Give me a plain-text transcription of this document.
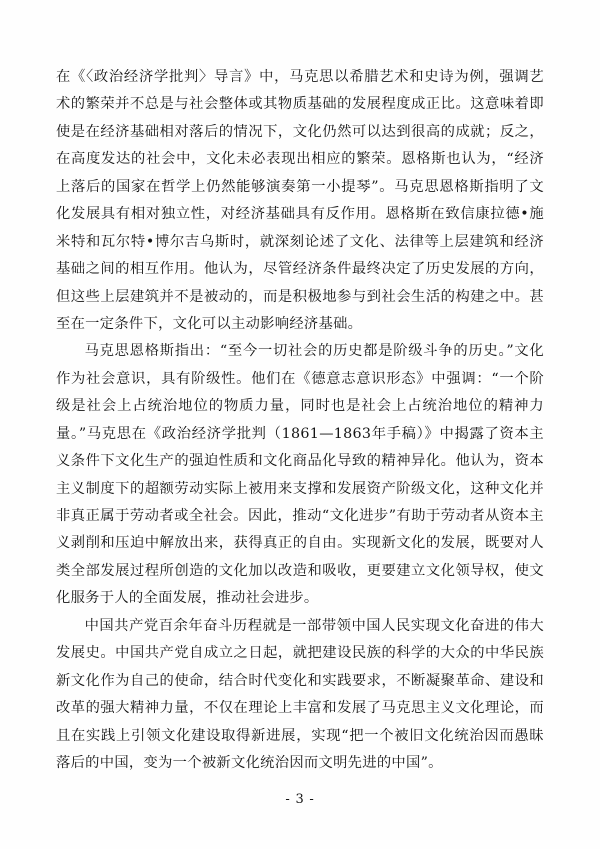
在《〈政治经济学批判〉导言》中，马克思以希腊艺术和史诗为例，强调艺术的繁荣并不总是与社会整体或其物质基础的发展程度成正比。这意味着即使是在经济基础相对落后的情况下，文化仍然可以达到很高的成就；反之，在高度发达的社会中，文化未必表现出相应的繁荣。恩格斯也认为，“经济上落后的国家在哲学上仍然能够演奏第一小提琴”。马克思恩格斯指明了文化发展具有相对独立性，对经济基础具有反作用。恩格斯在致信康拉德•施米特和瓦尔特•博尔吉乌斯时，就深刻论述了文化、法律等上层建筑和经济基础之间的相互作用。他认为，尽管经济条件最终决定了历史发展的方向，但这些上层建筑并不是被动的，而是积极地参与到社会生活的构建之中。甚至在一定条件下，文化可以主动影响经济基础。

马克思恩格斯指出：“至今一切社会的历史都是阶级斗争的历史。”文化作为社会意识，具有阶级性。他们在《德意志意识形态》中强调：“一个阶级是社会上占统治地位的物质力量，同时也是社会上占统治地位的精神力量。”马克思在《政治经济学批判（1861—1863年手稿）》中揭露了资本主义条件下文化生产的强迫性质和文化商品化导致的精神异化。他认为，资本主义制度下的超额劳动实际上被用来支撑和发展资产阶级文化，这种文化并非真正属于劳动者或全社会。因此，推动“文化进步”有助于劳动者从资本主义剥削和压迫中解放出来，获得真正的自由。实现新文化的发展，既要对人类全部发展过程所创造的文化加以改造和吸收，更要建立文化领导权，使文化服务于人的全面发展，推动社会进步。

中国共产党百余年奋斗历程就是一部带领中国人民实现文化奋进的伟大发展史。中国共产党自成立之日起，就把建设民族的科学的大众的中华民族新文化作为自己的使命，结合时代变化和实践要求，不断凝聚革命、建设和改革的强大精神力量，不仅在理论上丰富和发展了马克思主义文化理论，而且在实践上引领文化建设取得新进展，实现“把一个被旧文化统治因而愚昧落后的中国，变为一个被新文化统治因而文明先进的中国”。

- 3 -
